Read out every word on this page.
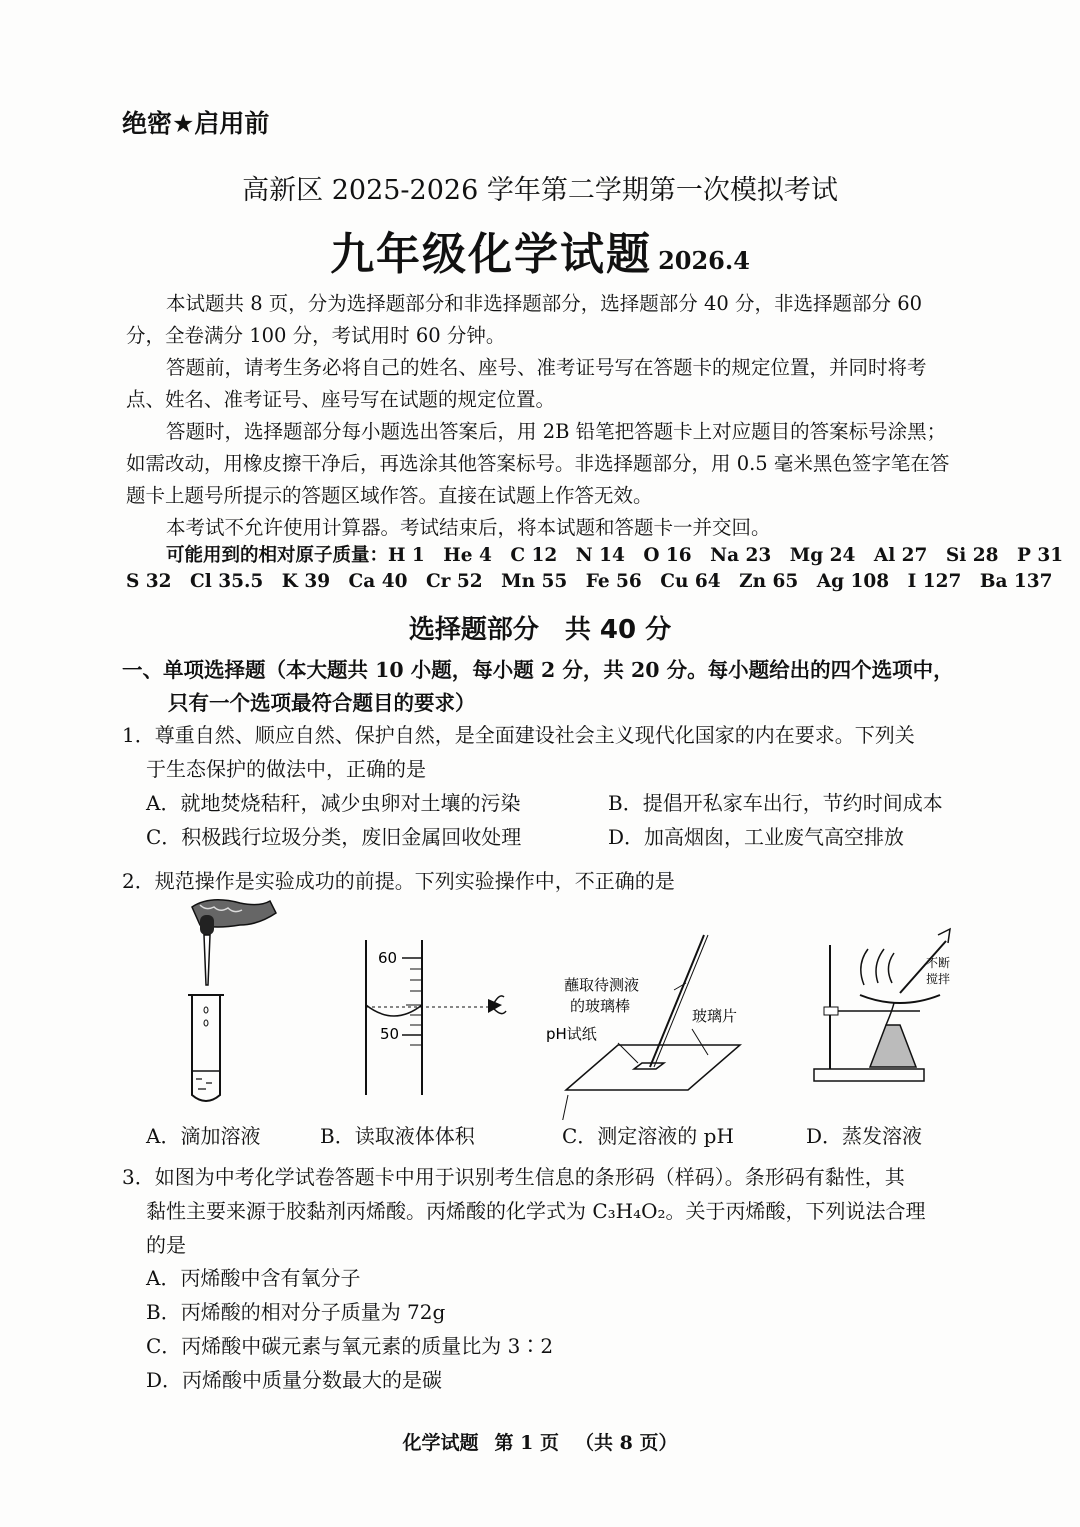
绝密★启用前
高新区 2025-2026 学年第二学期第一次模拟考试
九年级化学试题 2026.4

本试题共 8 页，分为选择题部分和非选择题部分，选择题部分 40 分，非选择题部分 60 分，全卷满分 100 分，考试用时 60 分钟。

答题前，请考生务必将自己的姓名、座号、准考证号写在答题卡的规定位置，并同时将考点、姓名、准考证号、座号写在试题的规定位置。

答题时，选择题部分每小题选出答案后，用 2B 铅笔把答题卡上对应题目的答案标号涂黑；如需改动，用橡皮擦干净后，再选涂其他答案标号。非选择题部分，用 0.5 毫米黑色签字笔在答题卡上题号所提示的答题区域作答。直接在试题上作答无效。

本考试不允许使用计算器。考试结束后，将本试题和答题卡一并交回。

可能用到的相对原子质量：H 1　He 4　C 12　N 14　O 16　Na 23　Mg 24　Al 27　Si 28　P 31
S 32　Cl 35.5　K 39　Ca 40　Cr 52　Mn 55　Fe 56　Cu 64　Zn 65　Ag 108　I 127　Ba 137
选择题部分　共 40 分
一、单项选择题（本大题共 10 小题，每小题 2 分，共 20 分。每小题给出的四个选项中，
只有一个选项最符合题目的要求）
1．尊重自然、顺应自然、保护自然，是全面建设社会主义现代化国家的内在要求。下列关
于生态保护的做法中，正确的是
A．就地焚烧秸秆，减少虫卵对土壤的污染	B．提倡开私家车出行，节约时间成本
C．积极践行垃圾分类，废旧金属回收处理	D．加高烟囱，工业废气高空排放
2．规范操作是实验成功的前提。下列实验操作中，不正确的是
60
50
蘸取待测液
的玻璃棒
pH试纸
玻璃片
不断
搅拌
A．滴加溶液	B．读取液体体积	C．测定溶液的 pH	D．蒸发溶液
3．如图为中考化学试卷答题卡中用于识别考生信息的条形码（样码）。条形码有黏性，其
黏性主要来源于胶黏剂丙烯酸。丙烯酸的化学式为 C₃H₄O₂。关于丙烯酸，下列说法合理
的是
A．丙烯酸中含有氧分子
B．丙烯酸的相对分子质量为 72g
C．丙烯酸中碳元素与氧元素的质量比为 3∶2
D．丙烯酸中质量分数最大的是碳
化学试题 第 1 页 （共 8 页）
